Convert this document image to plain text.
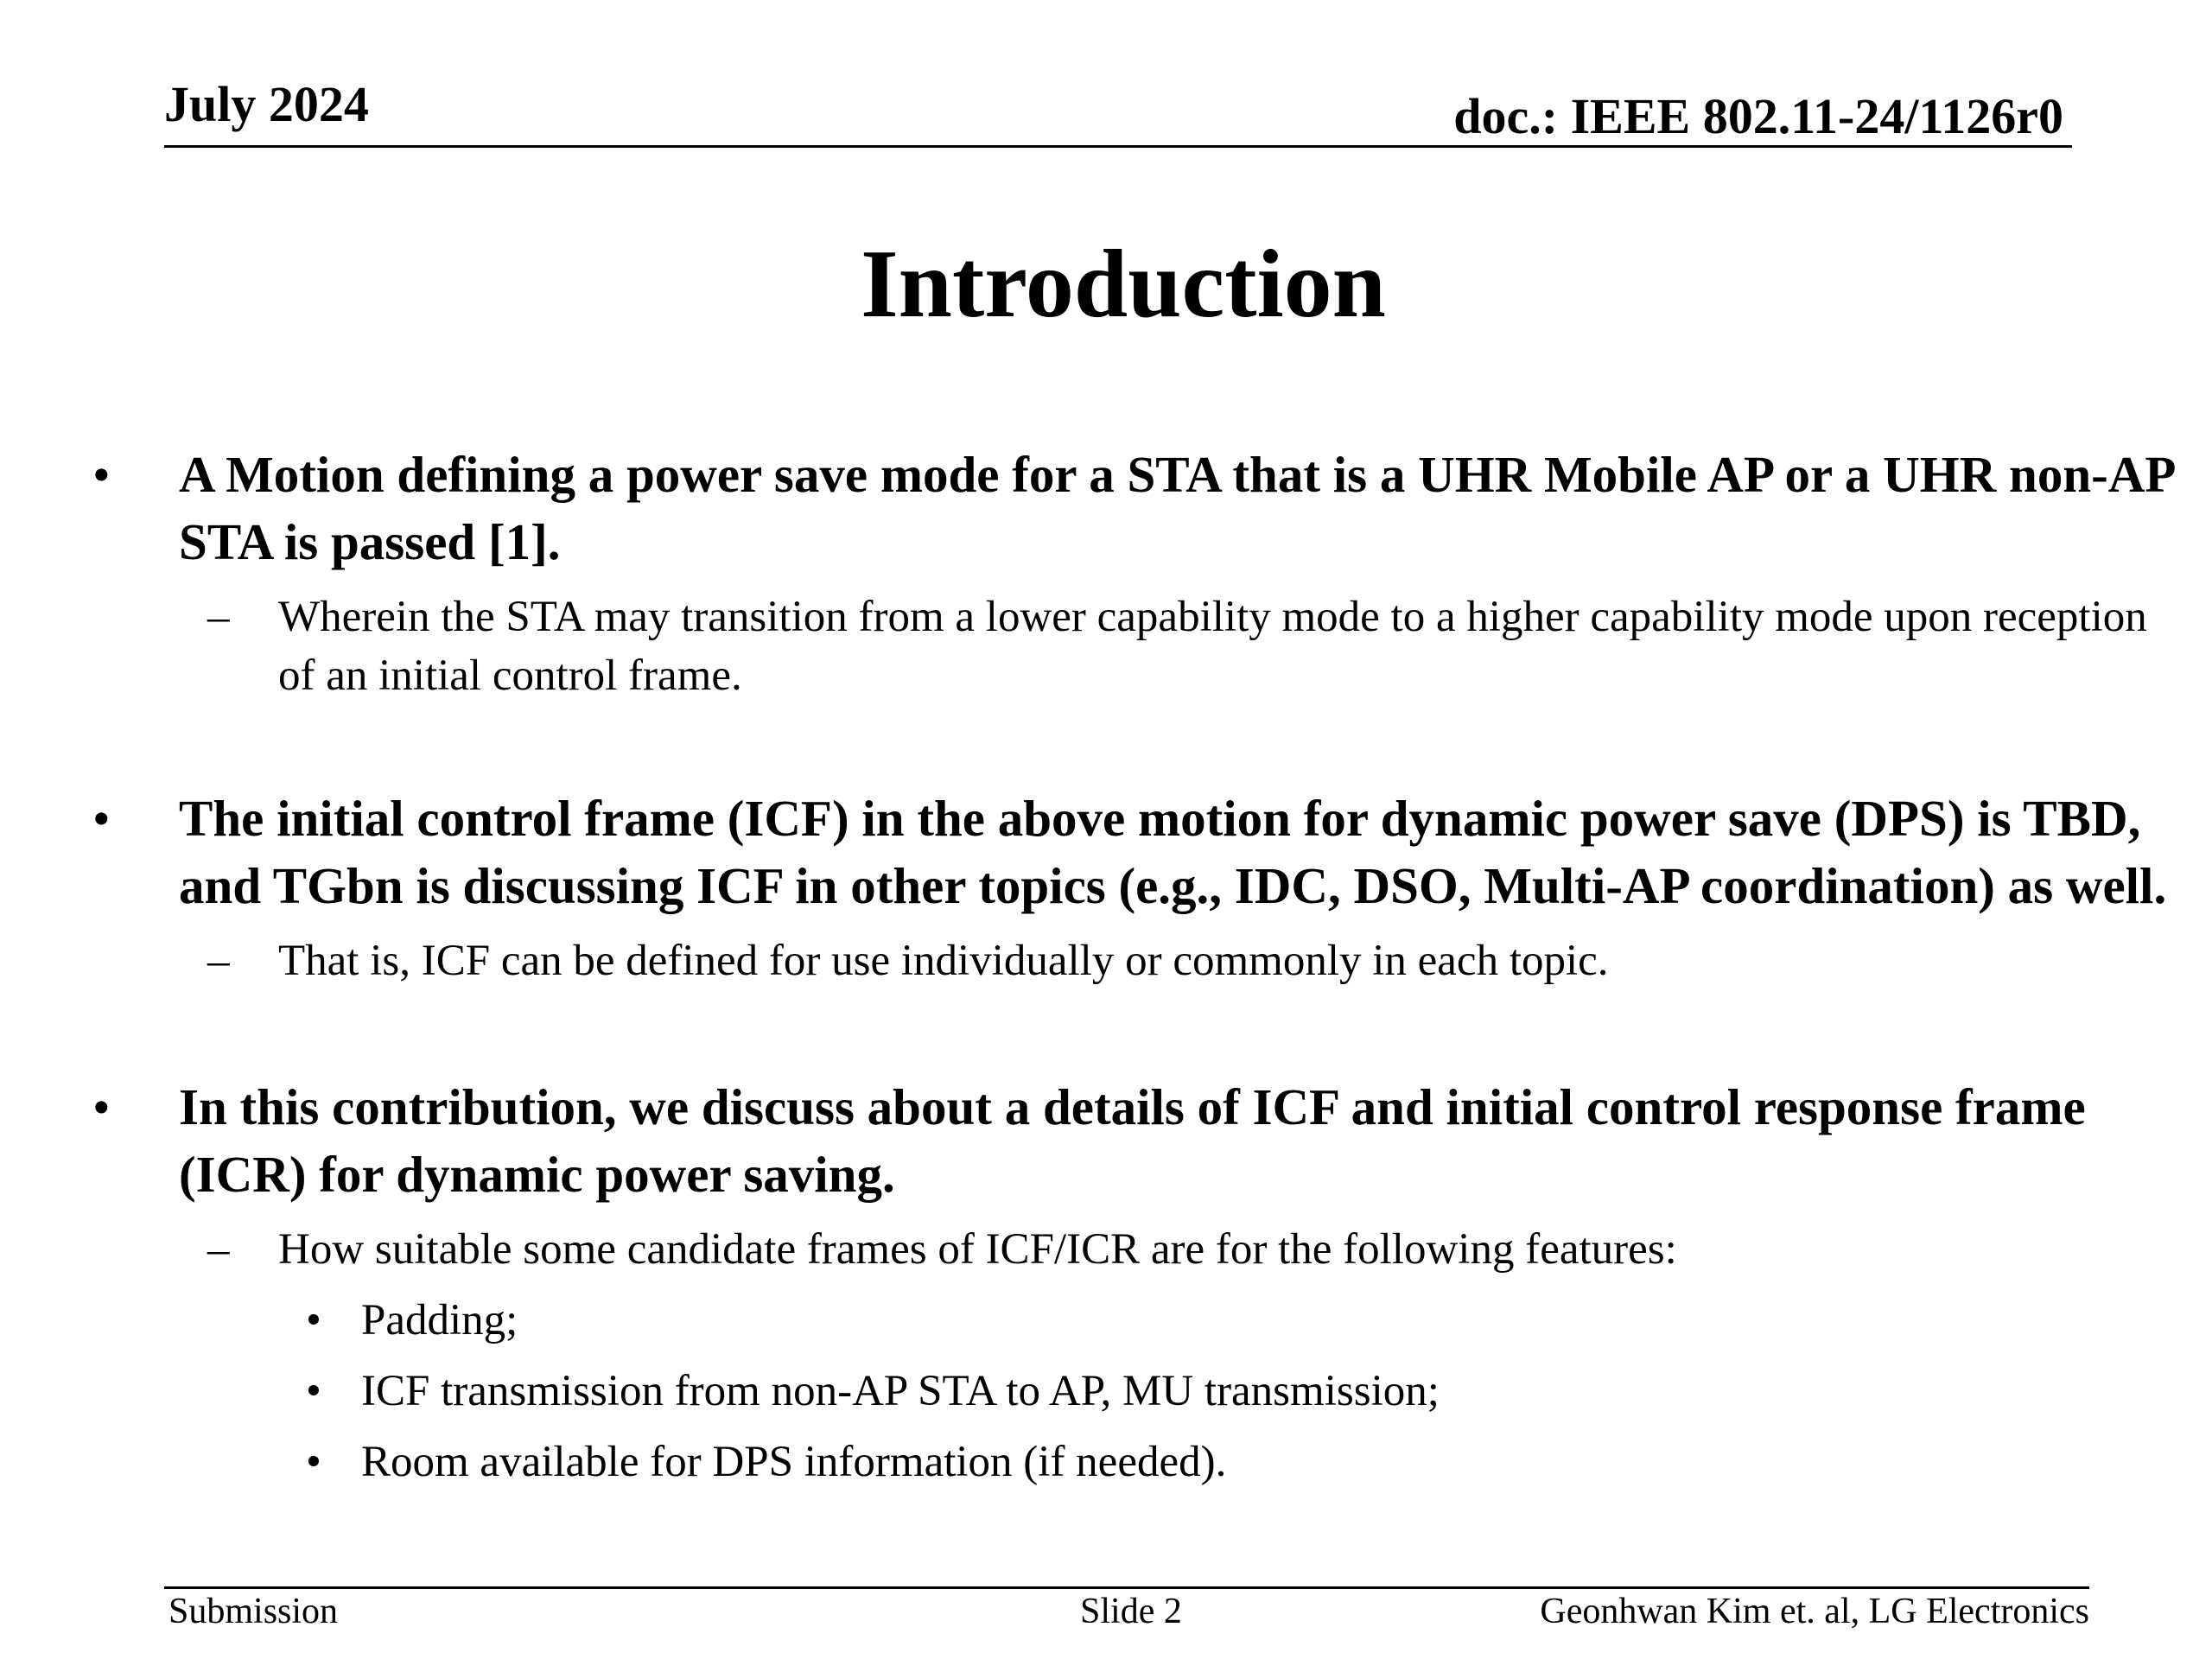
July 2024	doc.: IEEE 802.11-24/1126r0
Introduction
• A Motion defining a power save mode for a STA that is a UHR Mobile AP or a UHR non-AP STA is passed [1].
– Wherein the STA may transition from a lower capability mode to a higher capability mode upon reception of an initial control frame.
• The initial control frame (ICF) in the above motion for dynamic power save (DPS) is TBD, and TGbn is discussing ICF in other topics (e.g., IDC, DSO, Multi-AP coordination) as well.
– That is, ICF can be defined for use individually or commonly in each topic.
• In this contribution, we discuss about a details of ICF and initial control response frame (ICR) for dynamic power saving.
– How suitable some candidate frames of ICF/ICR are for the following features:
• Padding;
• ICF transmission from non-AP STA to AP, MU transmission;
• Room available for DPS information (if needed).
Submission	Slide 2	Geonhwan Kim et. al, LG Electronics
